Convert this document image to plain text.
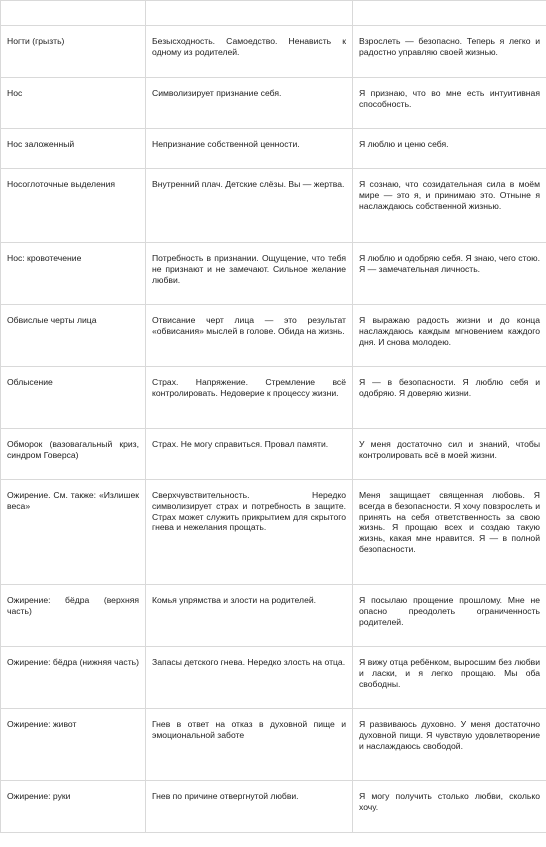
Ногти (грызть)	Безысходность. Самоедство. Ненависть к одному из родителей.	Взрослеть — безопасно. Теперь я легко и радостно управляю своей жизнью.
Нос	Символизирует признание себя.	Я признаю, что во мне есть интуитивная способность.
Нос заложенный	Непризнание собственной ценности.	Я люблю и ценю себя.
Носоглоточные выделения	Внутренний плач. Детские слёзы. Вы — жертва.	Я сознаю, что созидательная сила в моём мире — это я, и принимаю это. Отныне я наслаждаюсь собственной жизнью.
Нос: кровотечение	Потребность в признании. Ощущение, что тебя не признают и не замечают. Сильное желание любви.	Я люблю и одобряю себя. Я знаю, чего стою. Я — замечательная личность.
Обвислые черты лица	Отвисание черт лица — это результат «обвисания» мыслей в голове. Обида на жизнь.	Я выражаю радость жизни и до конца наслаждаюсь каждым мгновением каждого дня. И снова молодею.
Облысение	Страх. Напряжение. Стремление всё контролировать. Недоверие к процессу жизни.	Я — в безопасности. Я люблю себя и одобряю. Я доверяю жизни.
Обморок (вазовагальный криз, синдром Говерса)	Страх. Не могу справиться. Провал памяти.	У меня достаточно сил и знаний, чтобы контролировать всё в моей жизни.
Ожирение. См. также: «Излишек веса»	Сверхчувствительность. Нередко символизирует страх и потребность в защите. Страх может служить прикрытием для скрытого гнева и нежелания прощать.	Меня защищает священная любовь. Я всегда в безопасности. Я хочу повзрослеть и принять на себя ответственность за свою жизнь. Я прощаю всех и создаю такую жизнь, какая мне нравится. Я — в полной безопасности.
Ожирение: бёдра (верхняя часть)	Комья упрямства и злости на родителей.	Я посылаю прощение прошлому. Мне не опасно преодолеть ограниченность родителей.
Ожирение: бёдра (нижняя часть)	Запасы детского гнева. Нередко злость на отца.	Я вижу отца ребёнком, выросшим без любви и ласки, и я легко прощаю. Мы оба свободны.
Ожирение: живот	Гнев в ответ на отказ в духовной пище и эмоциональной заботе	Я развиваюсь духовно. У меня достаточно духовной пищи. Я чувствую удовлетворение и наслаждаюсь свободой.
Ожирение: руки	Гнев по причине отвергнутой любви.	Я могу получить столько любви, сколько хочу.
